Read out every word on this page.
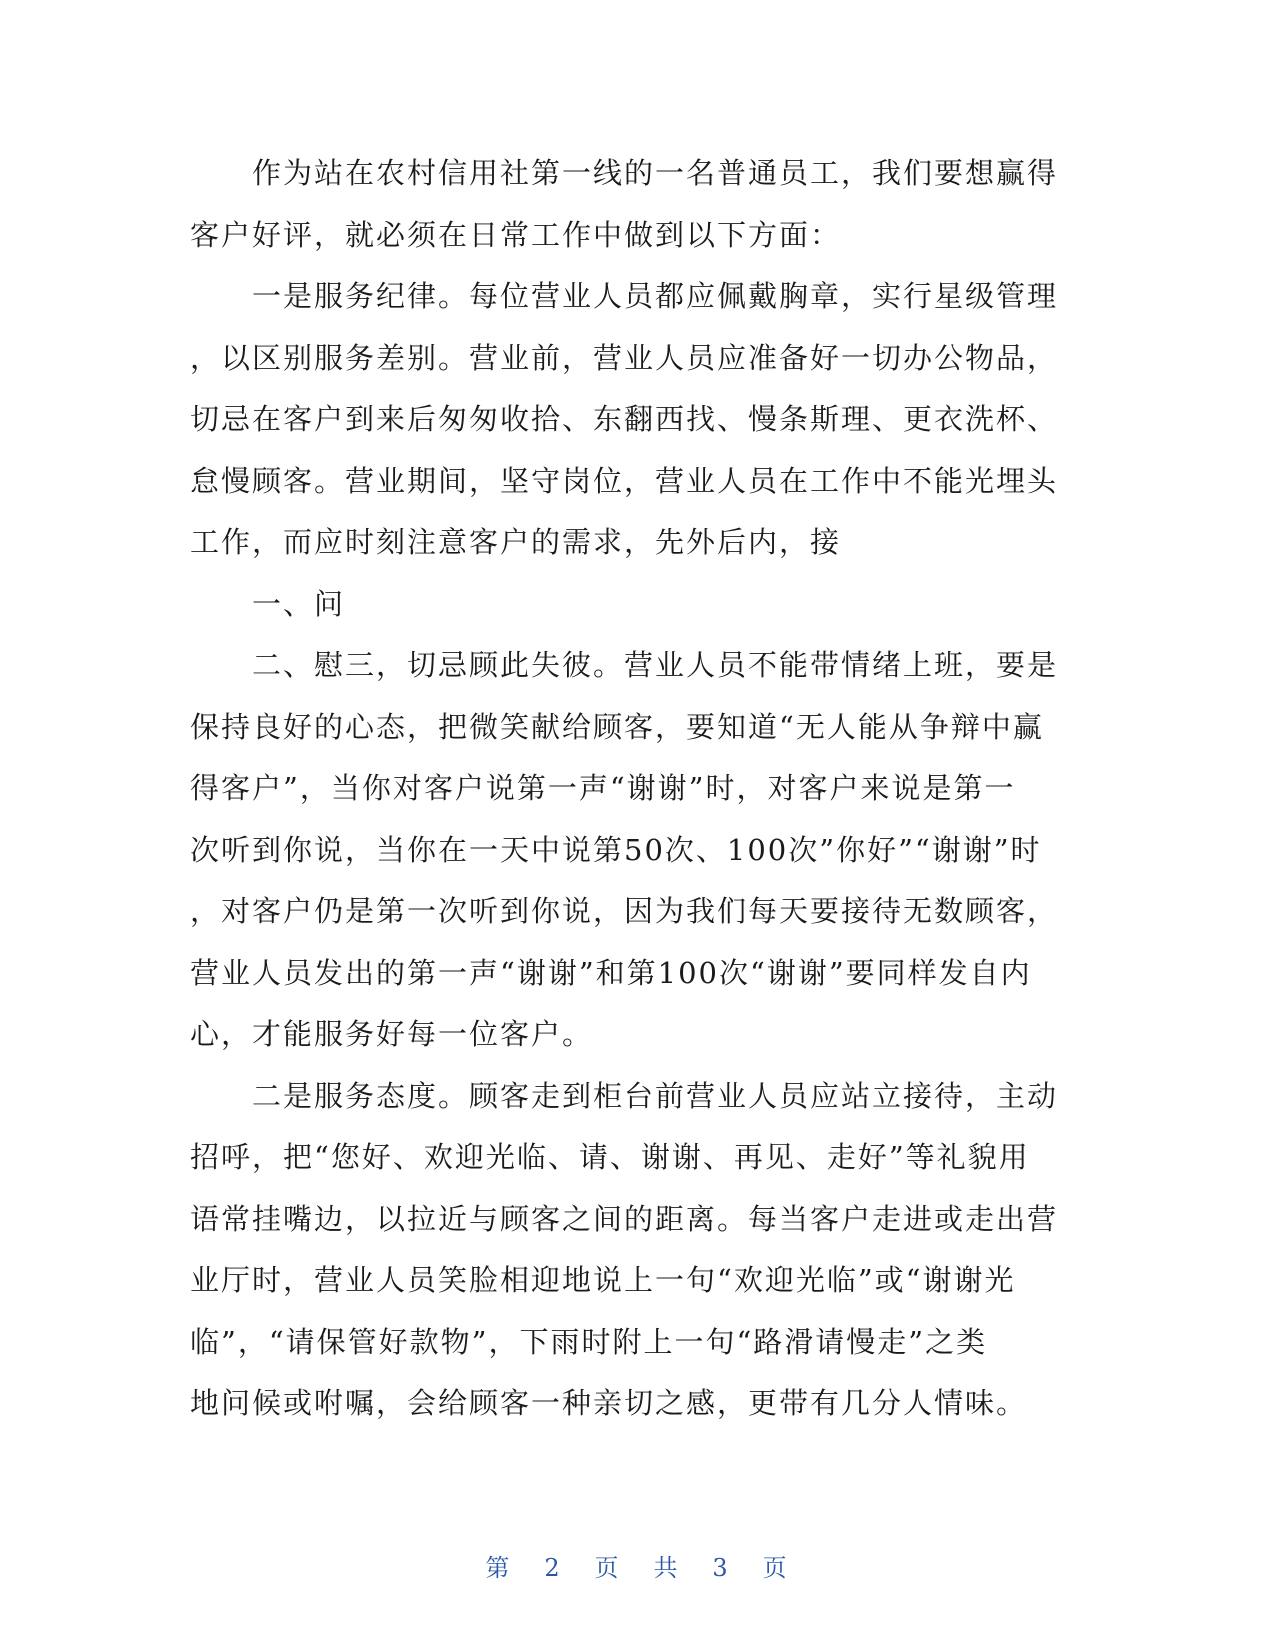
作为站在农村信用社第一线的一名普通员工，我们要想赢得
客户好评，就必须在日常工作中做到以下方面：
一是服务纪律。每位营业人员都应佩戴胸章，实行星级管理
，以区别服务差别。营业前，营业人员应准备好一切办公物品，
切忌在客户到来后匆匆收拾、东翻西找、慢条斯理、更衣洗杯、
怠慢顾客。营业期间，坚守岗位，营业人员在工作中不能光埋头
工作，而应时刻注意客户的需求，先外后内，接
一、问
二、慰三，切忌顾此失彼。营业人员不能带情绪上班，要是
保持良好的心态，把微笑献给顾客，要知道“无人能从争辩中赢
得客户”，当你对客户说第一声“谢谢”时，对客户来说是第一
次听到你说，当你在一天中说第50次、100次”你好”“谢谢”时
，对客户仍是第一次听到你说，因为我们每天要接待无数顾客，
营业人员发出的第一声“谢谢”和第100次“谢谢”要同样发自内
心，才能服务好每一位客户。
二是服务态度。顾客走到柜台前营业人员应站立接待，主动
招呼，把“您好、欢迎光临、请、谢谢、再见、走好”等礼貌用
语常挂嘴边，以拉近与顾客之间的距离。每当客户走进或走出营
业厅时，营业人员笑脸相迎地说上一句“欢迎光临”或“谢谢光
临”，“请保管好款物”，下雨时附上一句“路滑请慢走”之类
地问候或咐嘱，会给顾客一种亲切之感，更带有几分人情味。
第 2 页 共 3 页
